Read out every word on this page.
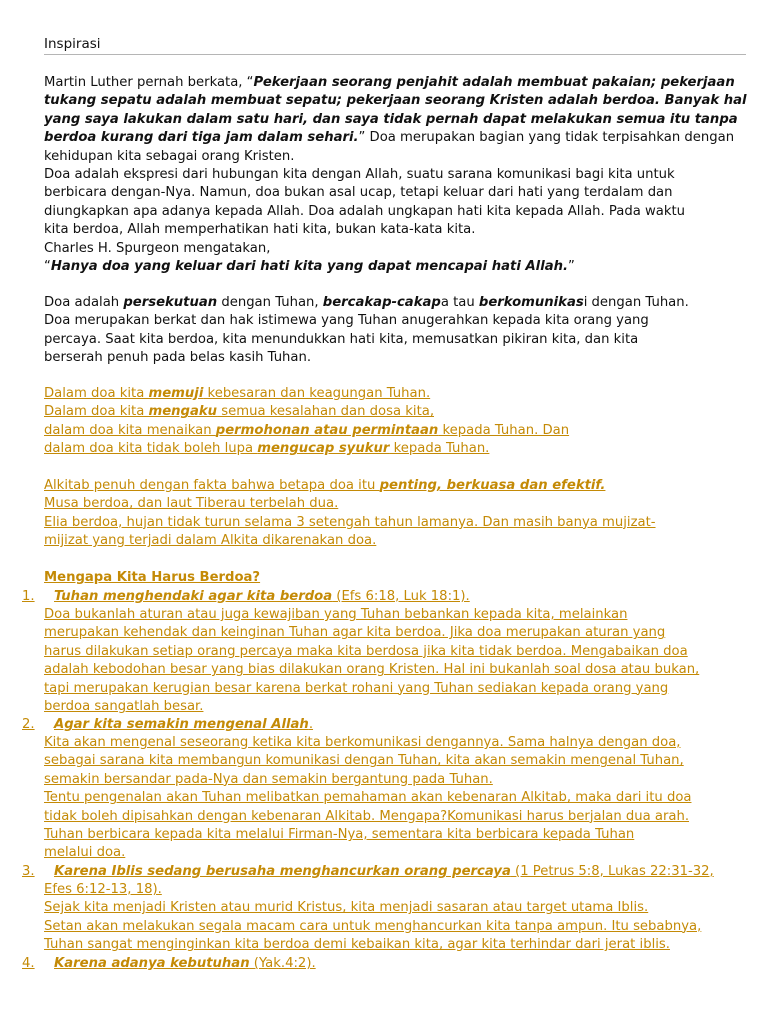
Inspirasi
Martin Luther pernah berkata, “Pekerjaan seorang penjahit adalah membuat pakaian; pekerjaan
tukang sepatu adalah membuat sepatu; pekerjaan seorang Kristen adalah berdoa. Banyak hal
yang saya lakukan dalam satu hari, dan saya tidak pernah dapat melakukan semua itu tanpa
berdoa kurang dari tiga jam dalam sehari.” Doa merupakan bagian yang tidak terpisahkan dengan
kehidupan kita sebagai orang Kristen.
Doa adalah ekspresi dari hubungan kita dengan Allah, suatu sarana komunikasi bagi kita untuk
berbicara dengan-Nya. Namun, doa bukan asal ucap, tetapi keluar dari hati yang terdalam dan
diungkapkan apa adanya kepada Allah. Doa adalah ungkapan hati kita kepada Allah. Pada waktu
kita berdoa, Allah memperhatikan hati kita, bukan kata-kata kita.
Charles H. Spurgeon mengatakan,
“Hanya doa yang keluar dari hati kita yang dapat mencapai hati Allah.”
Doa adalah persekutuan dengan Tuhan, bercakap-cakapa tau berkomunikasi dengan Tuhan.
Doa merupakan berkat dan hak istimewa yang Tuhan anugerahkan kepada kita orang yang
percaya. Saat kita berdoa, kita menundukkan hati kita, memusatkan pikiran kita, dan kita
berserah penuh pada belas kasih Tuhan.
Dalam doa kita memuji kebesaran dan keagungan Tuhan.
Dalam doa kita mengaku semua kesalahan dan dosa kita,
dalam doa kita menaikan permohonan atau permintaan kepada Tuhan. Dan
dalam doa kita tidak boleh lupa mengucap syukur kepada Tuhan.
Alkitab penuh dengan fakta bahwa betapa doa itu penting, berkuasa dan efektif.
Musa berdoa, dan laut Tiberau terbelah dua.
Elia berdoa, hujan tidak turun selama 3 setengah tahun lamanya. Dan masih banya mujizat-
mijizat yang terjadi dalam Alkita dikarenakan doa.
Mengapa Kita Harus Berdoa?
1. Tuhan menghendaki agar kita berdoa (Efs 6:18, Luk 18:1).
Doa bukanlah aturan atau juga kewajiban yang Tuhan bebankan kepada kita, melainkan
merupakan kehendak dan keinginan Tuhan agar kita berdoa. Jika doa merupakan aturan yang
harus dilakukan setiap orang percaya maka kita berdosa jika kita tidak berdoa. Mengabaikan doa
adalah kebodohan besar yang bias dilakukan orang Kristen. Hal ini bukanlah soal dosa atau bukan,
tapi merupakan kerugian besar karena berkat rohani yang Tuhan sediakan kepada orang yang
berdoa sangatlah besar.
2. Agar kita semakin mengenal Allah.
Kita akan mengenal seseorang ketika kita berkomunikasi dengannya. Sama halnya dengan doa,
sebagai sarana kita membangun komunikasi dengan Tuhan, kita akan semakin mengenal Tuhan,
semakin bersandar pada-Nya dan semakin bergantung pada Tuhan.
Tentu pengenalan akan Tuhan melibatkan pemahaman akan kebenaran Alkitab, maka dari itu doa
tidak boleh dipisahkan dengan kebenaran Alkitab. Mengapa?Komunikasi harus berjalan dua arah.
Tuhan berbicara kepada kita melalui Firman-Nya, sementara kita berbicara kepada Tuhan
melalui doa.
3. Karena Iblis sedang berusaha menghancurkan orang percaya (1 Petrus 5:8, Lukas 22:31-32,
Efes 6:12-13, 18).
Sejak kita menjadi Kristen atau murid Kristus, kita menjadi sasaran atau target utama Iblis.
Setan akan melakukan segala macam cara untuk menghancurkan kita tanpa ampun. Itu sebabnya,
Tuhan sangat menginginkan kita berdoa demi kebaikan kita, agar kita terhindar dari jerat iblis.
4. Karena adanya kebutuhan (Yak.4:2).
